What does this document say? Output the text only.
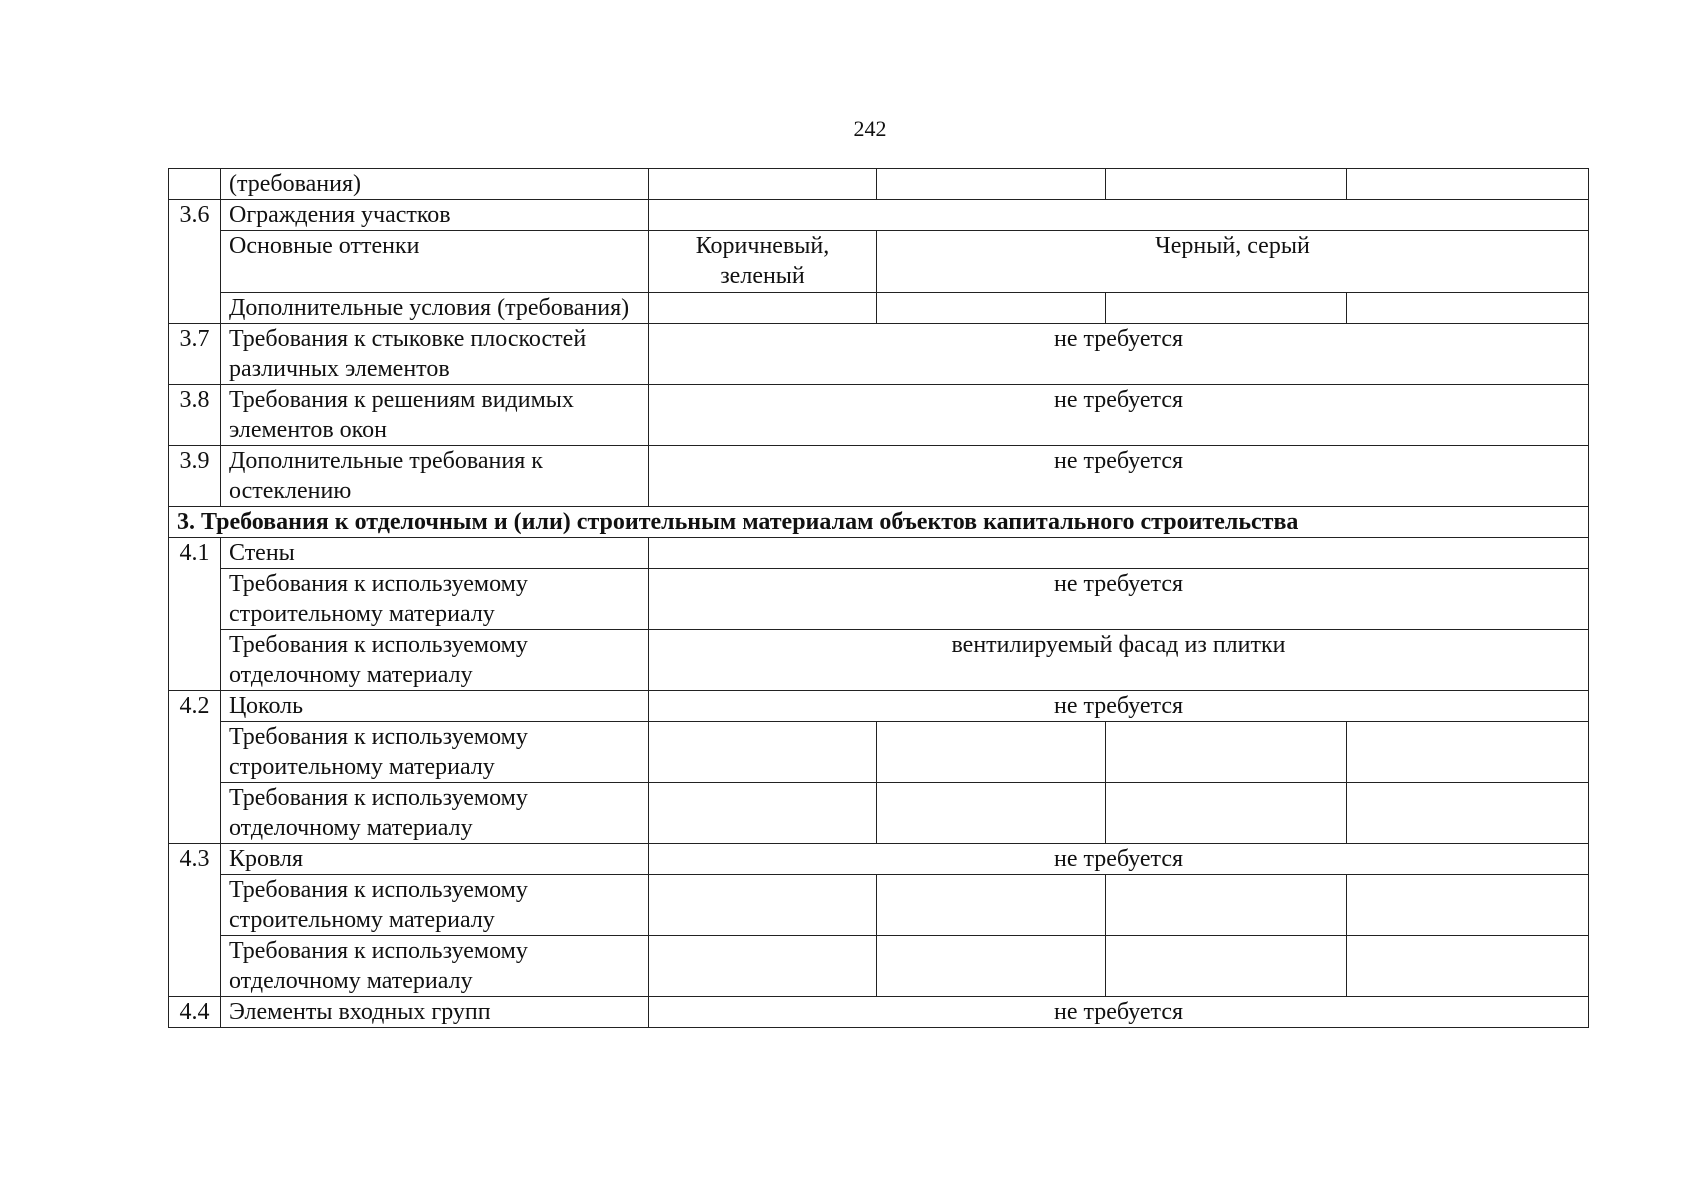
242
	(требования)				
3.6	Ограждения участков				
	Основные оттенки	Коричневый, зеленый	Черный, серый		
	Дополнительные условия (требования)				
3.7	Требования к стыковке плоскостей различных элементов	не требуется			
3.8	Требования к решениям видимых элементов окон	не требуется			
3.9	Дополнительные требования к остеклению	не требуется			
3. Требования к отделочным и (или) строительным материалам объектов капитального строительства					
4.1	Стены				
	Требования к используемому строительному материалу	не требуется			
	Требования к используемому отделочному материалу	вентилируемый фасад из плитки			
4.2	Цоколь	не требуется			
	Требования к используемому строительному материалу				
	Требования к используемому отделочному материалу				
4.3	Кровля	не требуется			
	Требования к используемому строительному материалу				
	Требования к используемому отделочному материалу				
4.4	Элементы входных групп	не требуется			
